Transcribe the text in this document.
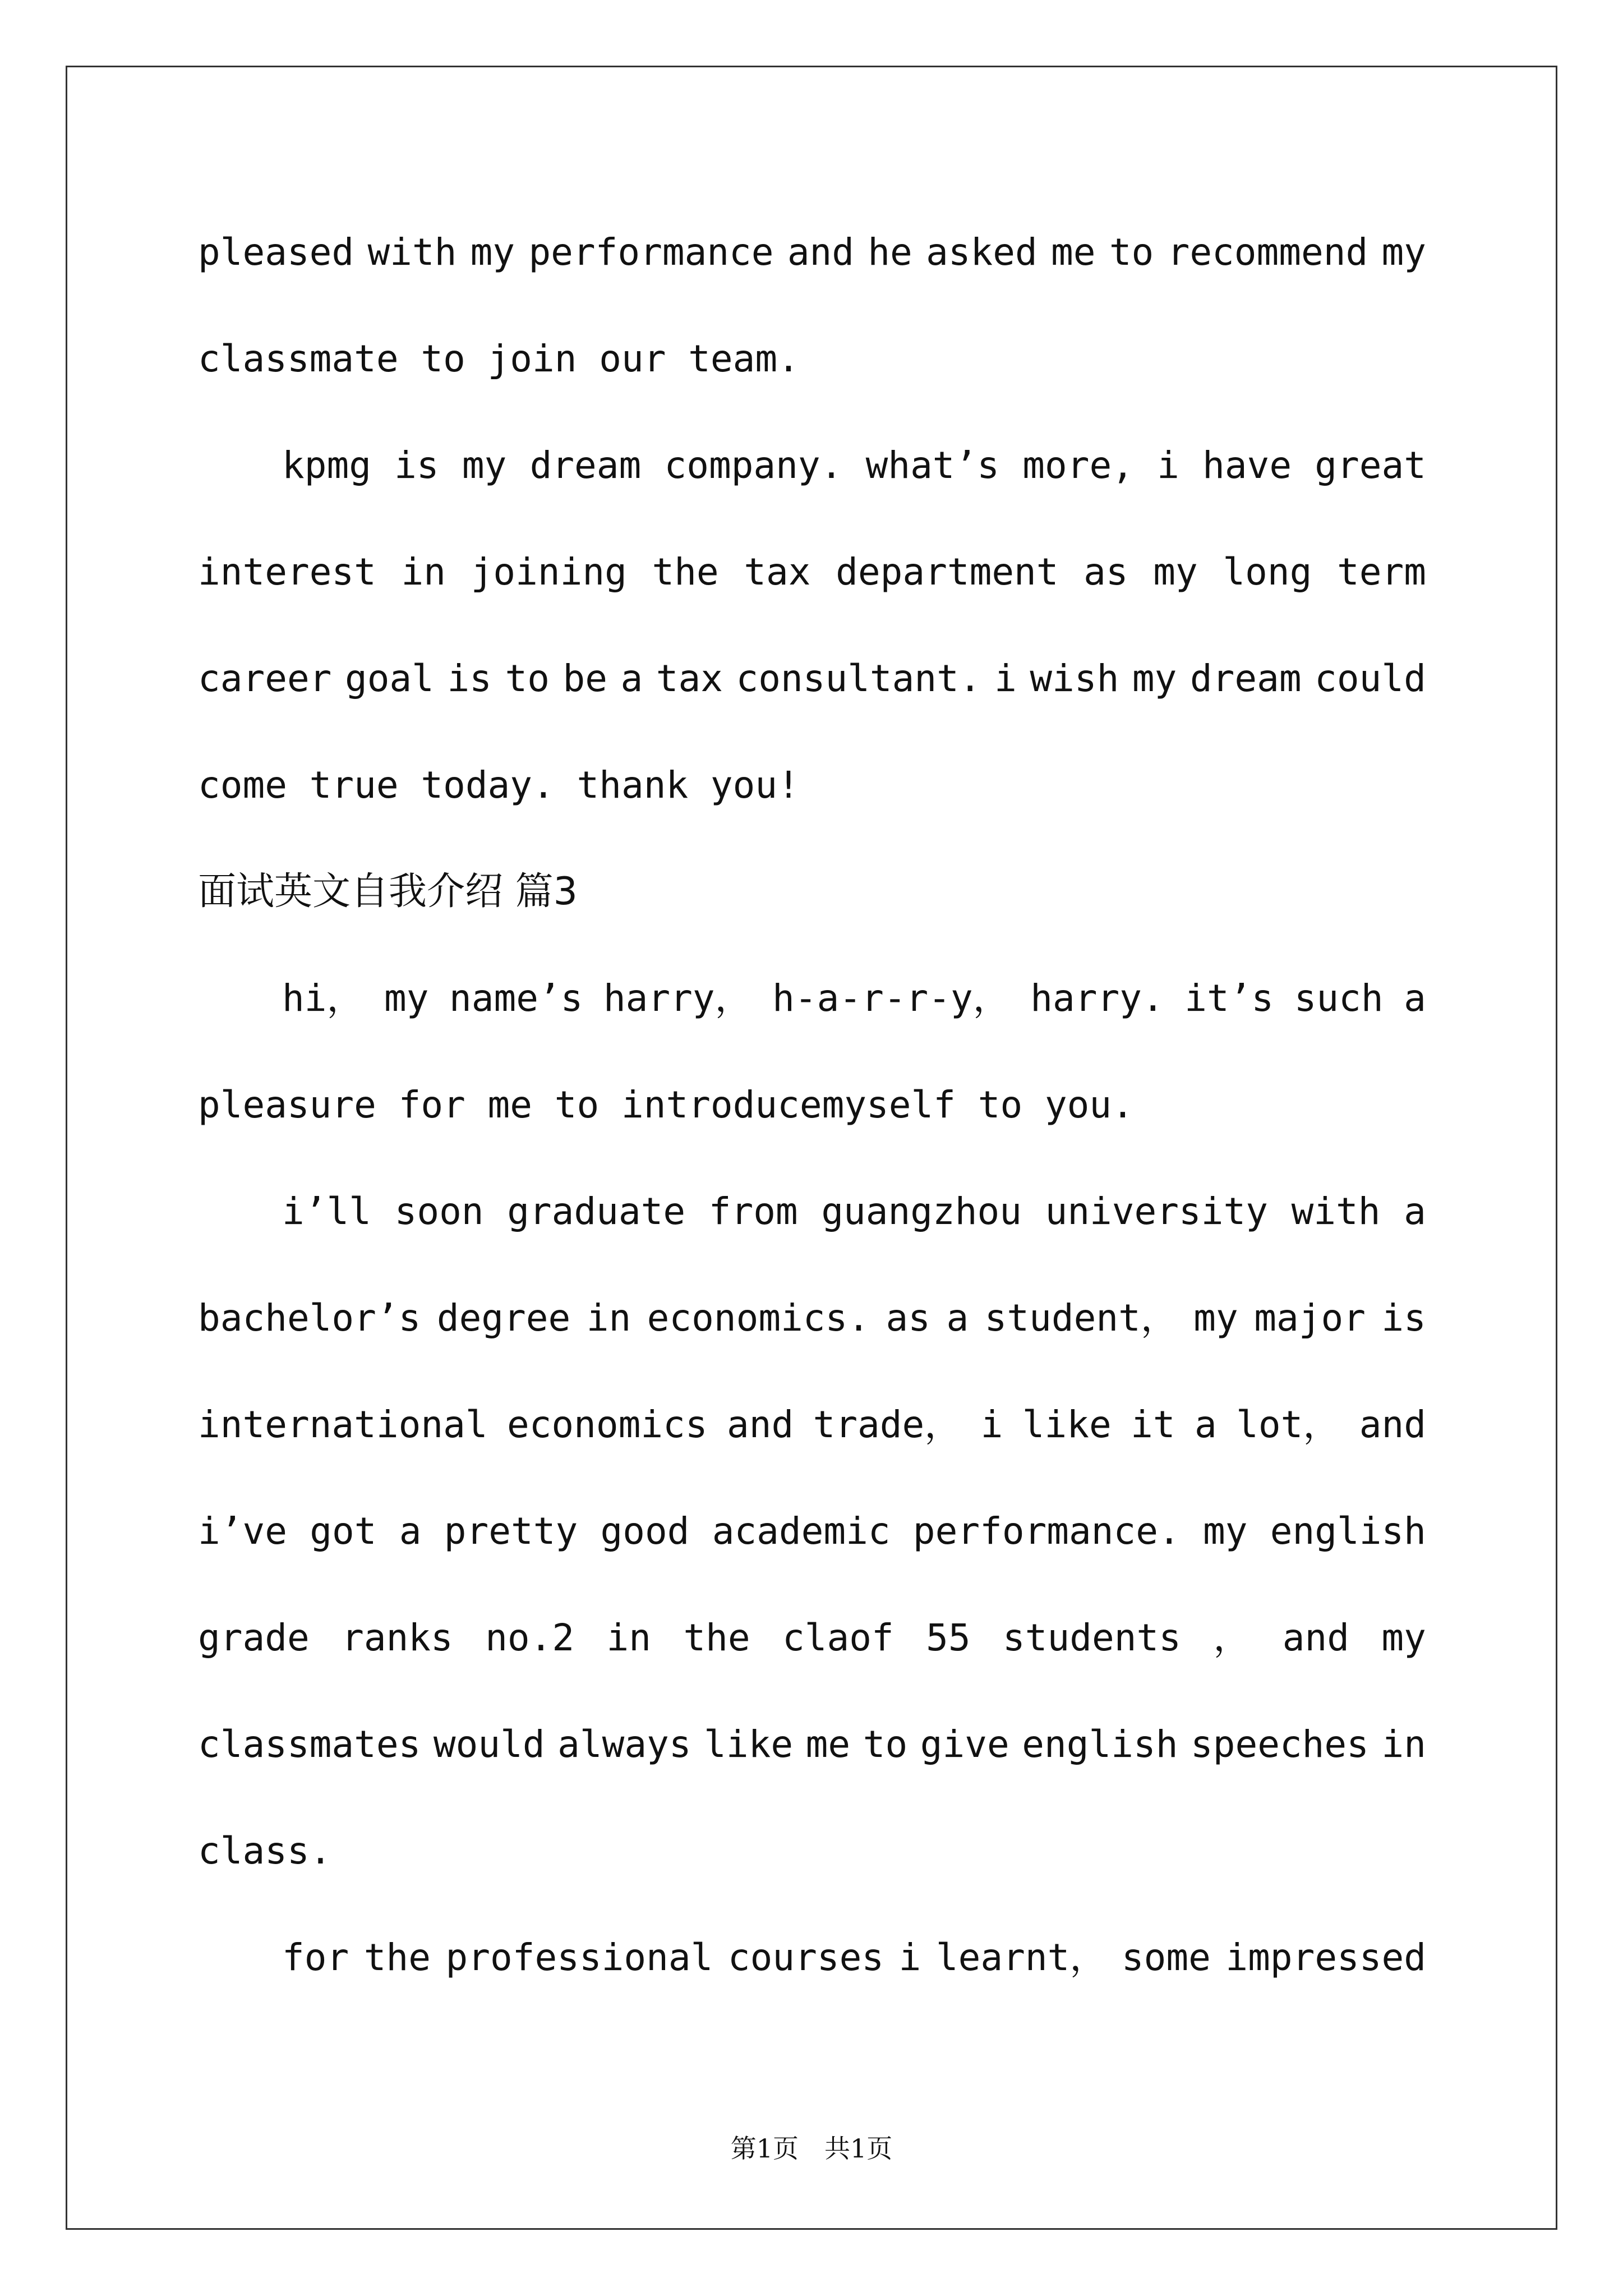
pleased with my performance and he asked me to recommend my
classmate to join our team.
kpmg is my dream company. what’s more, i have great
interest in joining the tax department as my long term
career goal is to be a tax consultant. i wish my dream could
come true today. thank you!
面试英文自我介绍 篇3
hi， my name’s harry， h-a-r-r-y， harry. it’s such a
pleasure for me to introducemyself to you.
i’ll soon graduate from guangzhou university with a
bachelor’s degree in economics. as a student， my major is
international economics and trade， i like it a lot， and
i’ve got a pretty good academic performance. my english
grade ranks no.2 in the claof 55 students ， and my
classmates would always like me to give english speeches in
class.
for the professional courses i learnt， some impressed
第1页　共1页
